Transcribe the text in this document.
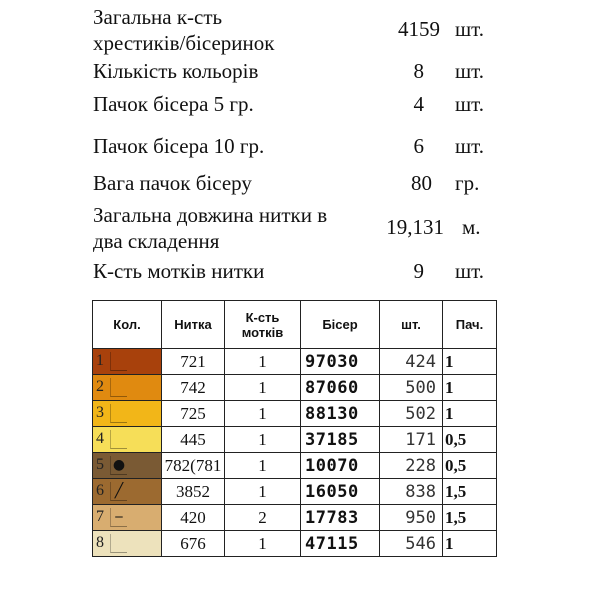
Загальна к-сть
хрестиків/бісеринок
4159 шт.
Кількість кольорів	8 шт.
Пачок бісера 5 гр.	4 шт.
Пачок бісера 10 гр.	6 шт.
Вага пачок бісеру	80 гр.
Загальна довжина нитки в
два складення
19,131 м.
К-сть мотків нитки	9 шт.
Кол.	Нитка	К-сть мотків	Бісер	шт.	Пач.

1	721	1	97030	424	1

2	742	1	87060	500	1

3	725	1	88130	502	1

4	445	1	37185	171	0,5

5 ●	782(781	1	10070	228	0,5

6 ╱	3852	1	16050	838	1,5

7 ‒	420	2	17783	950	1,5

8	676	1	47115	546	1
